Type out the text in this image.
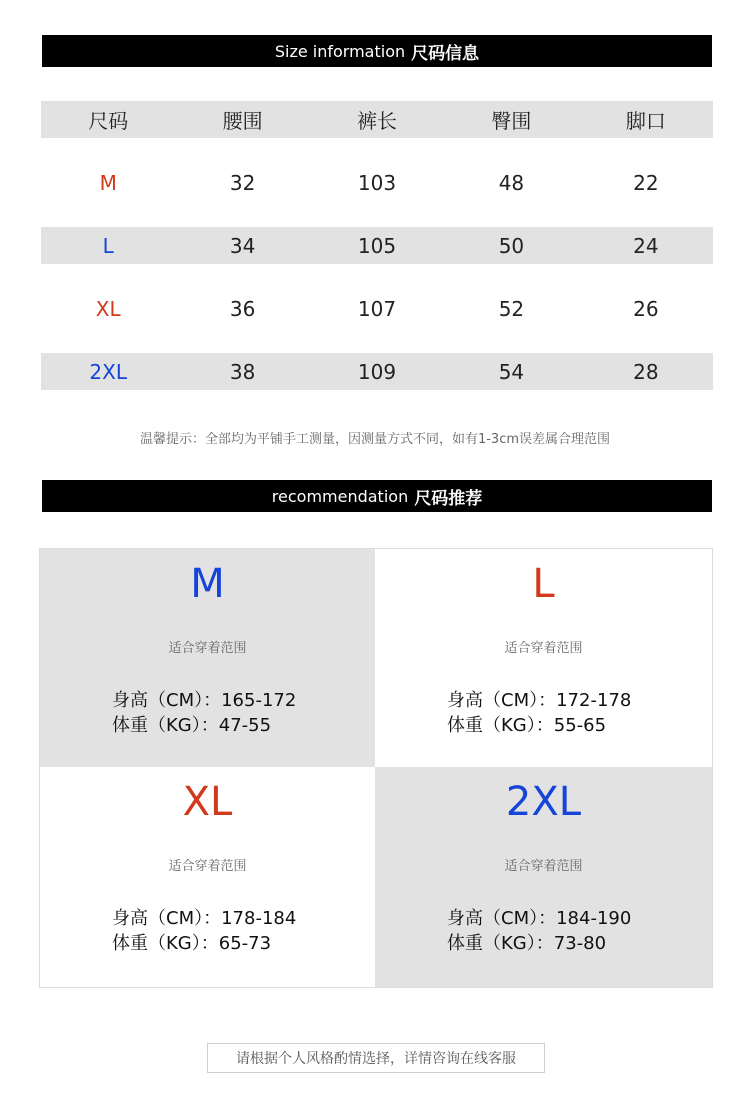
Size information 尺码信息
尺码	腰围	裤长	臀围	脚口
M	32	103	48	22
L	34	105	50	24
XL	36	107	52	26
2XL	38	109	54	28
温馨提示：全部均为平铺手工测量，因测量方式不同，如有1-3cm误差属合理范围
recommendation 尺码推荐
M
适合穿着范围
身高（CM）：165-172
体重（KG）：47-55
L
适合穿着范围
身高（CM）：172-178
体重（KG）：55-65
XL
适合穿着范围
身高（CM）：178-184
体重（KG）：65-73
2XL
适合穿着范围
身高（CM）：184-190
体重（KG）：73-80
请根据个人风格酌情选择，详情咨询在线客服
